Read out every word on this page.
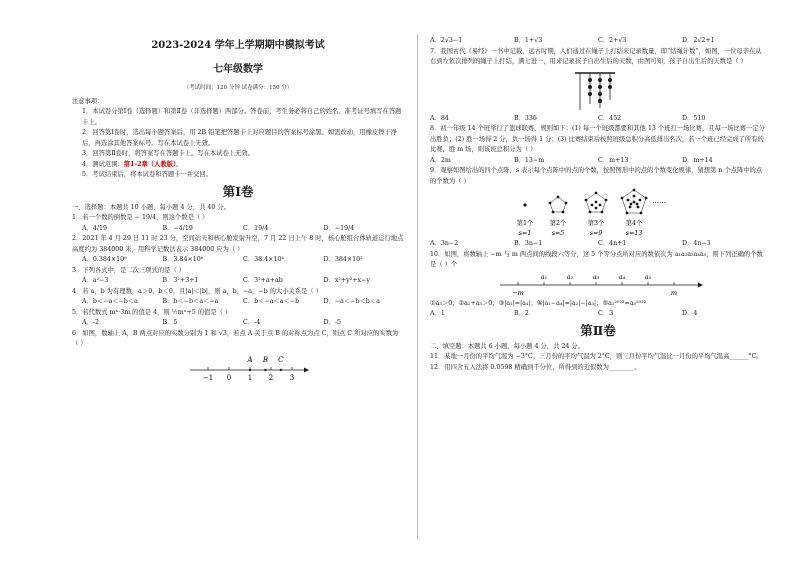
2023-2024 学年上学期期中模拟考试
七年级数学
（考试时间：120 分钟 试卷满分：150 分）

注意事项：

1．本试卷分第Ⅰ卷（选择题）和第Ⅱ卷（非选择题）两部分。答卷前，考生务必将自己的姓名、准考证号填写在答题卡上。

2．回答第Ⅰ卷时，选出每小题答案后，用 2B 铅笔把答题卡上对应题目的答案标号涂黑。如需改动，用橡皮擦干净后，再选涂其他答案标号。写在本试卷上无效。

3．回答第Ⅱ卷时，将答案写在答题卡上。写在本试卷上无效。

4．测试范围：第1-2章（人教版）。

5．考试结束后，将本试卷和答题卡一并交回。

第Ⅰ卷

一、选择题：本题共 10 小题，每小题 4 分，共 40 分。

1．若一个数的倒数是 − 19/4，则这个数是（ ）

A．4/19	B．−4/19	C．19/4	D．−19/4

2．2021 年 4 月 29 日 11 时 23 分，空间站天和核心舱发射升空，7 月 22 日上午 8 时，核心舱组合体轨道运行地点高度约为 384000 米，用科学记数法表示 384000 应为（ ）

A．0.384×10⁶	B．3.84×10⁶	C．38.4×10⁴	D．384×10³

3．下列各式中，是二次三项式的是（ ）

A．a²−3	B．3²+3+1	C．3²+a+ab	D．x²+y²+x−y

4．若 a，b 为有理数，a＞0，b＜0，且|a|＜|b|，则 a，b，−a，−b 的大小关系是（ ）

A．b＜−a＜−b＜a	B．b＜−b＜a＜−a	C．b＜−a＜a＜−b	D．−a＜−b＜b＜a

5．若代数式 mⁿ·3m 的值是 4，则 ½mⁿ+5 的值是（ ）

A．-2	B．5	C．-4	D．-5

6．如图，数轴上 A，B 两点对应的实数分别为 1 和 √3，若点 A 关于点 B 的对称点为点 C，则点 C 所对应的实数为（ ）

A B C
−1 0 1 2 3
A．2√3−1	B．1+√3	C．2+√3	D．2√2+1

7．我国古代《易经》一书中记载，远古时期，人们通过在绳子上打结来记录数量，即“结绳计数”，如图，一位母亲在从右到左依次排列的绳子上打结，满七进一，用来记录孩子自出生后的天数，由图可知，孩子自出生后的天数是（ ）

A．84	B．336	C．452	D．510

8．初一年级 14 个班举行了篮球联赛，规则如下：(1) 每一个班级都要和其他 13 个班打一场比赛，且每一场比赛一定分出胜负；(2) 胜一场得 2 分，负一场得 1 分；(3) 比赛结束后按照班级总积分高低排出名次，若一个班已经完成了所有的比赛，胜 m 场，则该班总积分为（ ）

A．2m	B．13−m	C．m+13	D．m+14

9．观察如图给出的四个点阵，s 表示每个点阵中的点的个数，按照图形中的点的个数变化规律，猜想第 n 个点阵中的点的个数为（ ）

……
第1个	第2个	第3个	第4个
s=1	s=5	s=9	s=13
A．3n−2	B．3n−1	C．4n+1	D．4n−3

10．如图，将数轴上 −m 与 m 两点间的线段六等分，这 5 个等分点所对应的数依次为 a₁a₂a₃a₄a₅，则下列正确的个数是（ ）个

−m
a₁	a₂	a₃	a₄	a₅
m

①a₃＞0；②a₂+a₅＞0；③|a₁|=|a₄|；④|a₁−a₄|=|a₂|−|a₃|；⑤a₁²⁰²²=a₅²⁰²²

A．1	B．2	C．3	D．4
第Ⅱ卷

二、填空题：本题共 6 小题，每小题 4 分，共 24 分。

11．某地一月份的平均气温为 −3°C，三月份的平均气温为 2°C，则三月份平均气温比一月份的平均气温高______°C。

12．用四舍五入法将 0.0598 精确到千分位，所得到的近似数为________。
